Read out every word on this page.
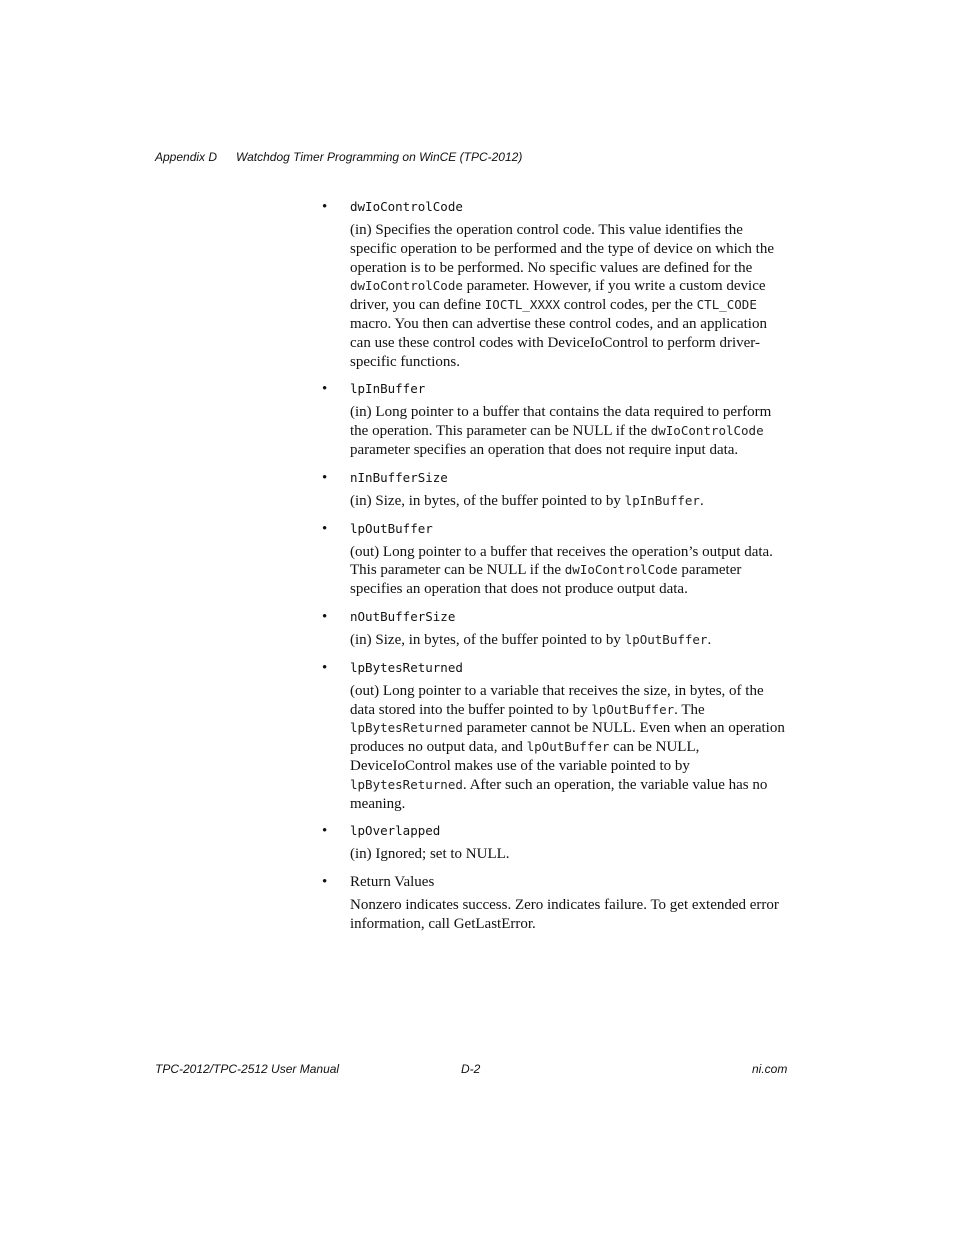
Appendix D Watchdog Timer Programming on WinCE (TPC-2012)
• dwIoControlCode

(in) Specifies the operation control code. This value identifies the specific operation to be performed and the type of device on which the operation is to be performed. No specific values are defined for the dwIoControlCode parameter. However, if you write a custom device driver, you can define IOCTL_XXXX control codes, per the CTL_CODE macro. You then can advertise these control codes, and an application can use these control codes with DeviceIoControl to perform driver-specific functions.

• lpInBuffer

(in) Long pointer to a buffer that contains the data required to perform the operation. This parameter can be NULL if the dwIoControlCode parameter specifies an operation that does not require input data.

• nInBufferSize

(in) Size, in bytes, of the buffer pointed to by lpInBuffer.

• lpOutBuffer

(out) Long pointer to a buffer that receives the operation’s output data. This parameter can be NULL if the dwIoControlCode parameter specifies an operation that does not produce output data.

• nOutBufferSize

(in) Size, in bytes, of the buffer pointed to by lpOutBuffer.

• lpBytesReturned

(out) Long pointer to a variable that receives the size, in bytes, of the data stored into the buffer pointed to by lpOutBuffer. The lpBytesReturned parameter cannot be NULL. Even when an operation produces no output data, and lpOutBuffer can be NULL, DeviceIoControl makes use of the variable pointed to by lpBytesReturned. After such an operation, the variable value has no meaning.

• lpOverlapped

(in) Ignored; set to NULL.

• Return Values

Nonzero indicates success. Zero indicates failure. To get extended error information, call GetLastError.

TPC-2012/TPC-2512 User Manual	D-2	ni.com
